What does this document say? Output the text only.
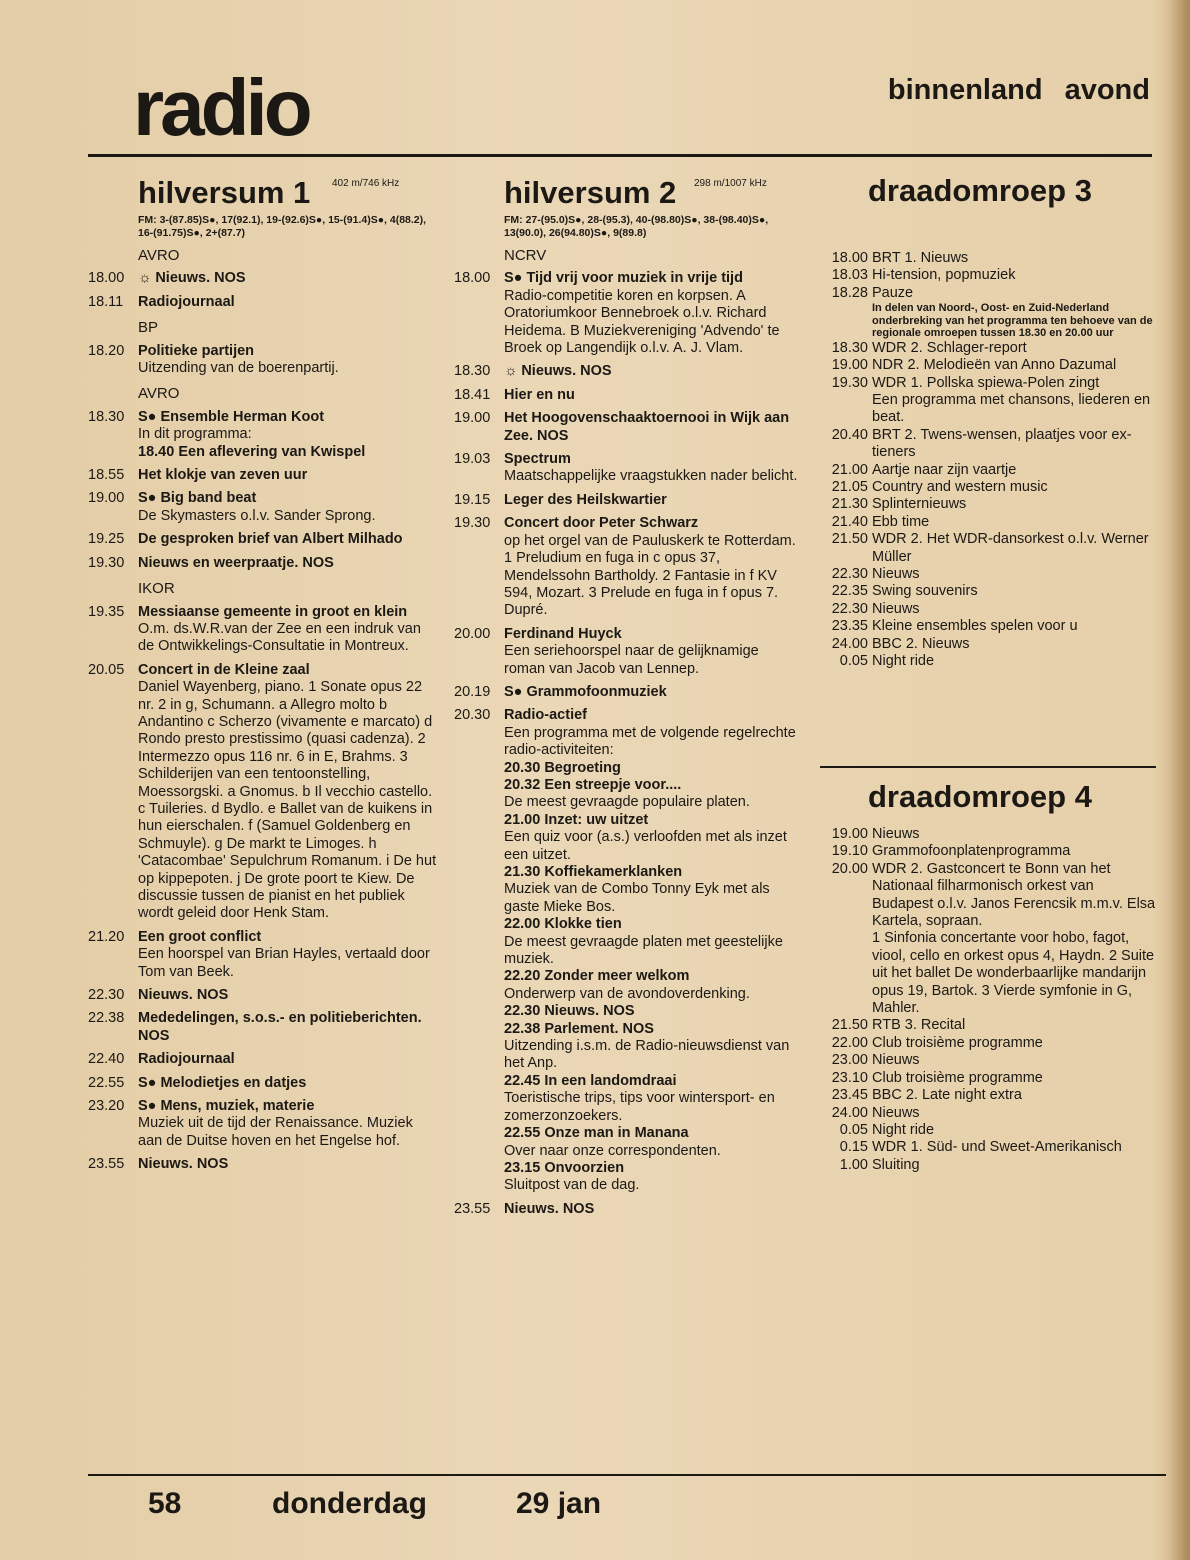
radio	binnenland avond
hilversum 1 402 m/746 kHz
FM: 3-(87.85)S●, 17(92.1), 19-(92.6)S●, 15-(91.4)S●, 4(88.2), 16-(91.75)S●, 2+(87.7)
AVRO
18.00 ☼ Nieuws. NOS
18.11	Radiojournaal
BP
18.20 Politieke partijen
Uitzending van de boerenpartij.
AVRO
18.30 S● Ensemble Herman Koot
In dit programma:
18.40 Een aflevering van Kwispel
18.55 Het klokje van zeven uur
19.00 S● Big band beat
De Skymasters o.l.v. Sander Sprong.
19.25 De gesproken brief van Albert Milhado
19.30 Nieuws en weerpraatje. NOS
IKOR
19.35 Messiaanse gemeente in groot en klein
O.m. ds.W.R.van der Zee en een indruk van de Ontwikkelings-Consultatie in Montreux.
20.05 Concert in de Kleine zaal
Daniel Wayenberg, piano. 1 Sonate opus 22 nr. 2 in g, Schumann. a Allegro molto b Andantino c Scherzo (vivamente e marcato) d Rondo presto prestissimo (quasi cadenza). 2 Intermezzo opus 116 nr. 6 in E, Brahms. 3 Schilderijen van een tentoonstelling, Moessorgski. a Gnomus. b Il vecchio castello. c Tuileries. d Bydlo. e Ballet van de kuikens in hun eierschalen. f (Samuel Goldenberg en Schmuyle). g De markt te Limoges. h 'Catacombae' Sepulchrum Romanum. i De hut op kippepoten. j De grote poort te Kiew. De discussie tussen de pianist en het publiek wordt geleid door Henk Stam.
21.20 Een groot conflict
Een hoorspel van Brian Hayles, vertaald door Tom van Beek.
22.30 Nieuws. NOS
22.38 Mededelingen, s.o.s.- en politieberichten. NOS
22.40 Radiojournaal
22.55 S● Melodietjes en datjes
23.20 S● Mens, muziek, materie
Muziek uit de tijd der Renaissance. Muziek aan de Duitse hoven en het Engelse hof.
23.55 Nieuws. NOS
hilversum 2 298 m/1007 kHz
FM: 27-(95.0)S●, 28-(95.3), 40-(98.80)S●, 38-(98.40)S●, 13(90.0), 26(94.80)S●, 9(89.8)
NCRV
18.00 S● Tijd vrij voor muziek in vrije tijd
Radio-competitie koren en korpsen. A Oratoriumkoor Bennebroek o.l.v. Richard Heidema. B Muziekvereniging 'Advendo' te Broek op Langendijk o.l.v. A. J. Vlam.
18.30 ☼ Nieuws. NOS
18.41 Hier en nu
19.00 Het Hoogovenschaaktoernooi in Wijk aan Zee. NOS
19.03 Spectrum
Maatschappelijke vraagstukken nader belicht.
19.15 Leger des Heilskwartier
19.30 Concert door Peter Schwarz
op het orgel van de Pauluskerk te Rotterdam. 1 Preludium en fuga in c opus 37, Mendelssohn Bartholdy. 2 Fantasie in f KV 594, Mozart. 3 Prelude en fuga in f opus 7. Dupré.
20.00 Ferdinand Huyck
Een seriehoorspel naar de gelijknamige roman van Jacob van Lennep.
20.19 S● Grammofoonmuziek
20.30 Radio-actief
Een programma met de volgende regelrechte radio-activiteiten:
20.30 Begroeting
20.32 Een streepje voor....
De meest gevraagde populaire platen.
21.00 Inzet: uw uitzet
Een quiz voor (a.s.) verloofden met als inzet een uitzet.
21.30 Koffiekamerklanken
Muziek van de Combo Tonny Eyk met als gaste Mieke Bos.
22.00 Klokke tien
De meest gevraagde platen met geestelijke muziek.
22.20 Zonder meer welkom
Onderwerp van de avondoverdenking.
22.30 Nieuws. NOS
22.38 Parlement. NOS
Uitzending i.s.m. de Radio-nieuwsdienst van het Anp.
22.45 In een landomdraai
Toeristische trips, tips voor wintersport- en zomerzonzoekers.
22.55 Onze man in Manana
Over naar onze correspondenten.
23.15 Onvoorzien
Sluitpost van de dag.
23.55 Nieuws. NOS
draadomroep 3
18.00 BRT 1. Nieuws
18.03 Hi-tension, popmuziek
18.28 Pauze
In delen van Noord-, Oost- en Zuid-Nederland onderbreking van het programma ten behoeve van de regionale omroepen tussen 18.30 en 20.00 uur
18.30 WDR 2. Schlager-report
19.00 NDR 2. Melodieën van Anno Dazumal
19.30 WDR 1. Pollska spiewa-Polen zingt
Een programma met chansons, liederen en beat.
20.40 BRT 2. Twens-wensen, plaatjes voor ex-tieners
21.00 Aartje naar zijn vaartje
21.05 Country and western music
21.30 Splinternieuws
21.40 Ebb time
21.50 WDR 2. Het WDR-dansorkest o.l.v. Werner Müller
22.30 Nieuws
22.35 Swing souvenirs
22.30 Nieuws
23.35 Kleine ensembles spelen voor u
24.00 BBC 2. Nieuws
0.05 Night ride
draadomroep 4
19.00 Nieuws
19.10 Grammofoonplatenprogramma
20.00 WDR 2. Gastconcert te Bonn van het Nationaal filharmonisch orkest van Budapest o.l.v. Janos Ferencsik m.m.v. Elsa Kartela, sopraan.
1 Sinfonia concertante voor hobo, fagot, viool, cello en orkest opus 4, Haydn. 2 Suite uit het ballet De wonderbaarlijke mandarijn opus 19, Bartok. 3 Vierde symfonie in G, Mahler.
21.50 RTB 3. Recital
22.00 Club troisième programme
23.00 Nieuws
23.10 Club troisième programme
23.45 BBC 2. Late night extra
24.00 Nieuws
0.05 Night ride
0.15 WDR 1. Süd- und Sweet-Amerikanisch
1.00 Sluiting
58	donderdag	29 jan
